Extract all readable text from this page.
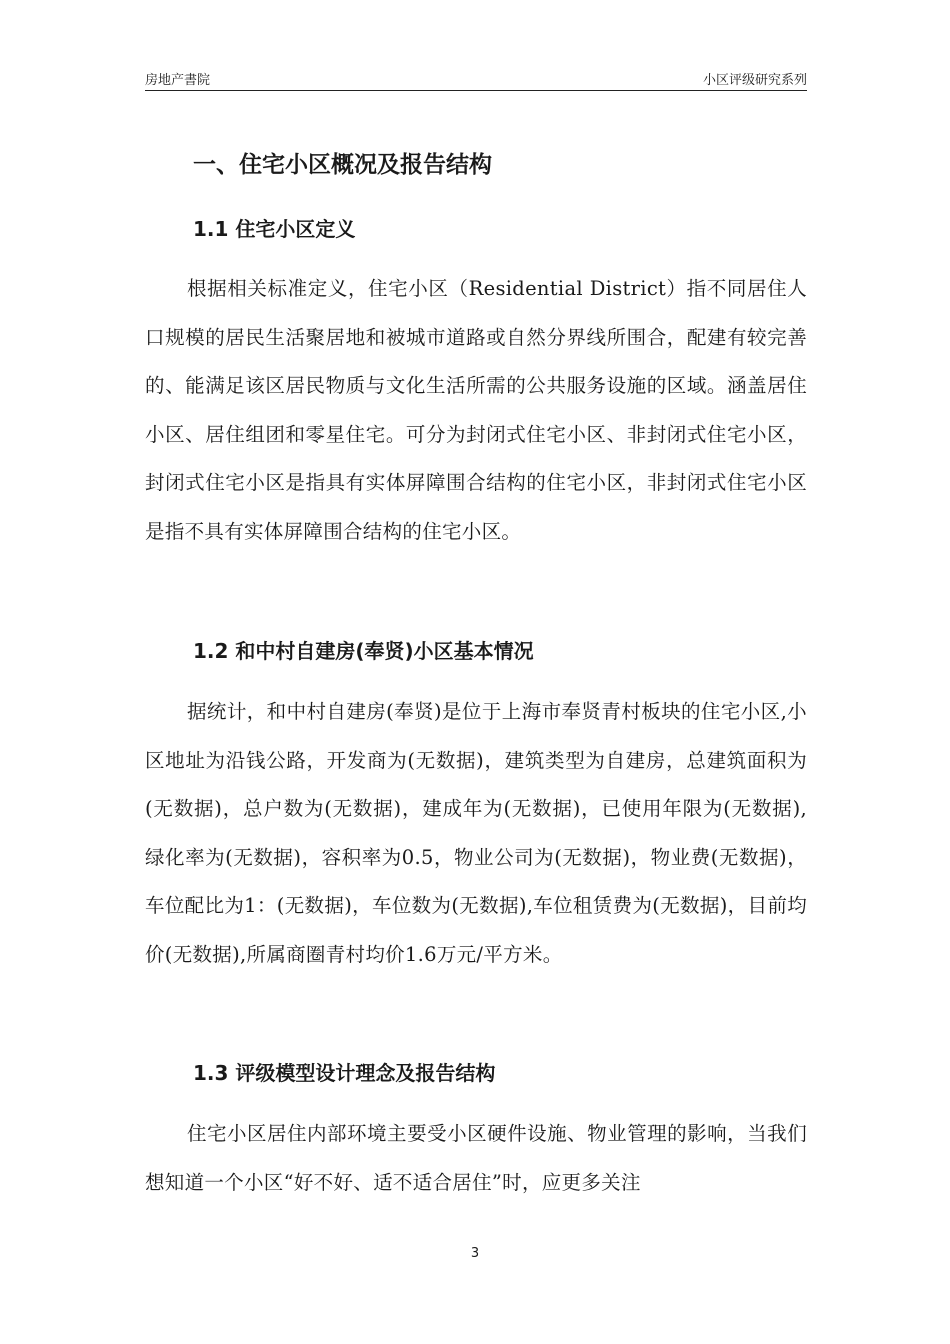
房地产書院	小区评级研究系列
一、住宅小区概况及报告结构
1.1 住宅小区定义
根据相关标准定义，住宅小区（Residential District）指不同居住人口规模的居民生活聚居地和被城市道路或自然分界线所围合，配建有较完善的、能满足该区居民物质与文化生活所需的公共服务设施的区域。涵盖居住小区、居住组团和零星住宅。可分为封闭式住宅小区、非封闭式住宅小区，封闭式住宅小区是指具有实体屏障围合结构的住宅小区，非封闭式住宅小区是指不具有实体屏障围合结构的住宅小区。
1.2 和中村自建房(奉贤)小区基本情况
据统计，和中村自建房(奉贤)是位于上海市奉贤青村板块的住宅小区,小区地址为沿钱公路，开发商为(无数据)，建筑类型为自建房，总建筑面积为(无数据)，总户数为(无数据)，建成年为(无数据)，已使用年限为(无数据),绿化率为(无数据)，容积率为0.5，物业公司为(无数据)，物业费(无数据)，车位配比为1：(无数据)，车位数为(无数据),车位租赁费为(无数据)，目前均价(无数据),所属商圈青村均价1.6万元/平方米。
1.3 评级模型设计理念及报告结构
住宅小区居住内部环境主要受小区硬件设施、物业管理的影响，当我们想知道一个小区“好不好、适不适合居住”时，应更多关注
3
